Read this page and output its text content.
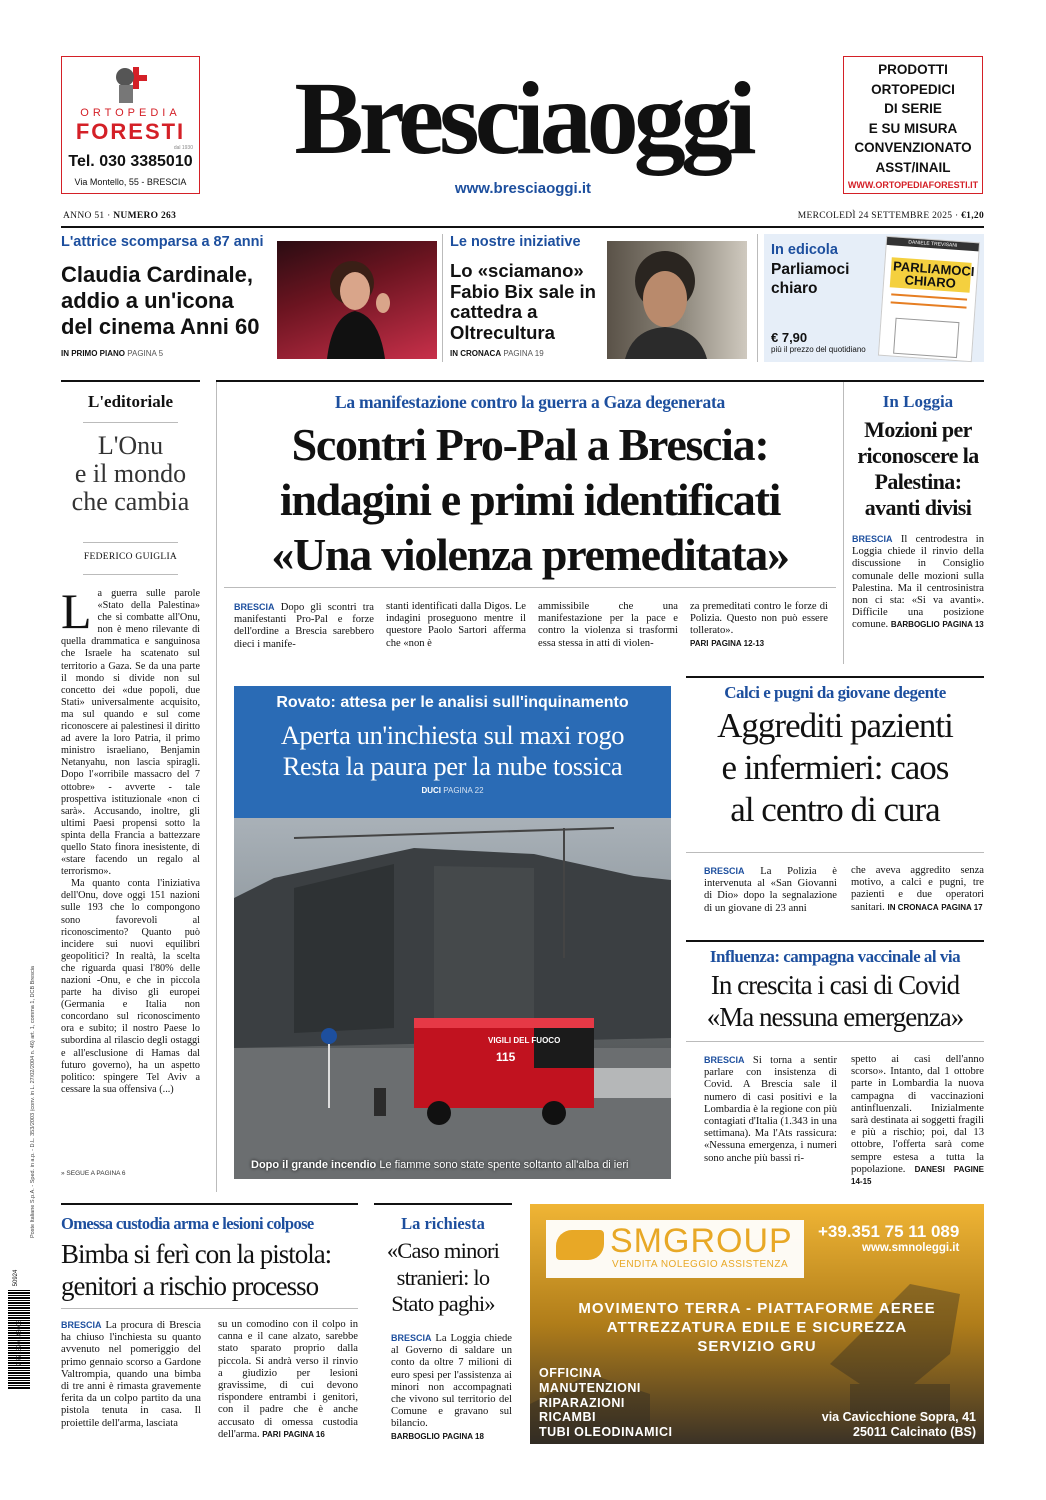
ORTOPEDIA
FORESTI
dal 1930
Tel. 030 3385010
Via Montello, 55 - BRESCIA
Bresciaoggi
www.bresciaoggi.it
PRODOTTI
ORTOPEDICI
DI SERIE
E SU MISURA
CONVENZIONATO
ASST/INAIL
WWW.ORTOPEDIAFORESTI.IT
ANNO 51 · NUMERO 263	MERCOLEDÌ 24 SETTEMBRE 2025 · €1,20
L'attrice scomparsa a 87 anni
Claudia Cardinale, addio a un'icona del cinema Anni 60
IN PRIMO PIANO PAGINA 5
Le nostre iniziative
Lo «sciamano» Fabio Bix sale in cattedra a Oltrecultura
IN CRONACA PAGINA 19
In edicola
Parliamoci chiaro
€ 7,90
più il prezzo del quotidiano
DANIELE TREVISANI
PARLIAMOCI CHIARO
L'editoriale
L'Onu
e il mondo
che cambia
FEDERICO GUIGLIA
La guerra sulle parole «Stato della Palestina» che si combatte all'Onu, non è meno rilevante di quella drammatica e sanguinosa che Israele ha scatenato sul territorio a Gaza. Se da una parte il mondo si divide non sul concetto dei «due popoli, due Stati» universalmente acquisito, ma sul quando e sul come riconoscere ai palestinesi il diritto ad avere la loro Patria, il primo ministro israeliano, Benjamin Netanyahu, non lascia spiragli. Dopo l'«orribile massacro del 7 ottobre» - avverte - tale prospettiva istituzionale «non ci sarà». Accusando, inoltre, gli ultimi Paesi propensi sotto la spinta della Francia a battezzare quello Stato finora inesistente, di «stare facendo un regalo al terrorismo».
Ma quanto conta l'iniziativa dell'Onu, dove oggi 151 nazioni sulle 193 che lo compongono sono favorevoli al riconoscimento? Quanto può incidere sui nuovi equilibri geopolitici? In realtà, la scelta che riguarda quasi l'80% delle nazioni -Onu, e che in piccola parte ha diviso gli europei (Germania e Italia non concordano sul riconoscimento ora e subito; il nostro Paese lo subordina al rilascio degli ostaggi e all'esclusione di Hamas dal futuro governo), ha un aspetto politico: spingere Tel Aviv a cessare la sua offensiva (...)
» SEGUE A PAGINA 6
La manifestazione contro la guerra a Gaza degenerata
Scontri Pro-Pal a Brescia:
indagini e primi identificati
«Una violenza premeditata»
BRESCIA Dopo gli scontri tra manifestanti Pro-Pal e forze dell'ordine a Brescia sarebbero dieci i manife-
stanti identificati dalla Digos. Le indagini proseguono mentre il questore Paolo Sartori afferma che «non è
ammissibile che una manifestazione per la pace e contro la violenza si trasformi essa stessa in atti di violen-
za premeditati contro le forze di Polizia. Questo non può essere tollerato».
PARI PAGINA 12-13
In Loggia
Mozioni per riconoscere la Palestina: avanti divisi
BRESCIA Il centrodestra in Loggia chiede il rinvio della discussione in Consiglio comunale delle mozioni sulla Palestina. Ma il centrosinistra non ci sta: «Si va avanti». Difficile una posizione comune. BARBOGLIO PAGINA 13
Rovato: attesa per le analisi sull'inquinamento
Aperta un'inchiesta sul maxi rogo
Resta la paura per la nube tossica
DUCI PAGINA 22
VIGILI DEL FUOCO
115
Dopo il grande incendio Le fiamme sono state spente soltanto all'alba di ieri
Calci e pugni da giovane degente
Aggrediti pazienti
e infermieri: caos
al centro di cura
BRESCIA La Polizia è intervenuta al «San Giovanni di Dio» dopo la segnalazione di un giovane di 23 anni
che aveva aggredito senza motivo, a calci e pugni, tre pazienti e due operatori sanitari. IN CRONACA PAGINA 17
Influenza: campagna vaccinale al via
In crescita i casi di Covid
«Ma nessuna emergenza»
BRESCIA Si torna a sentir parlare con insistenza di Covid. A Brescia sale il numero di casi positivi e la Lombardia è la regione con più contagiati d'Italia (1.343 in una settimana). Ma l'Ats rassicura: «Nessuna emergenza, i numeri sono anche più bassi ri-
spetto ai casi dell'anno scorso». Intanto, dal 1 ottobre parte in Lombardia la nuova campagna di vaccinazioni antinfluenzali. Inizialmente sarà destinata ai soggetti fragili e più a rischio; poi, dal 13 ottobre, l'offerta sarà come sempre estesa a tutta la popolazione. DANESI PAGINE 14-15
Omessa custodia arma e lesioni colpose
Bimba si ferì con la pistola:
genitori a rischio processo
BRESCIA La procura di Brescia ha chiuso l'inchiesta su quanto avvenuto nel pomeriggio del primo gennaio scorso a Gardone Valtrompia, quando una bimba di tre anni è rimasta gravemente ferita da un colpo partito da una pistola tenuta in casa. Il proiettile dell'arma, lasciata
su un comodino con il colpo in canna e il cane alzato, sarebbe stato sparato proprio dalla piccola. Si andrà verso il rinvio a giudizio per lesioni gravissime, di cui devono rispondere entrambi i genitori, con il padre che è anche accusato di omessa custodia dell'arma. PARI PAGINA 16
La richiesta
«Caso minori
stranieri: lo
Stato paghi»
BRESCIA La Loggia chiede al Governo di saldare un conto da oltre 7 milioni di euro spesi per l'assistenza ai minori non accompagnati che vivono sul territorio del Comune e gravano sul bilancio.
BARBOGLIO PAGINA 18
SMGROUP
VENDITA NOLEGGIO ASSISTENZA
+39.351 75 11 089
www.smnoleggi.it
MOVIMENTO TERRA - PIATTAFORME AEREE
ATTREZZATURA EDILE E SICUREZZA
SERVIZIO GRU
OFFICINA
MANUTENZIONI
RIPARAZIONI
RICAMBI
TUBI OLEODINAMICI
via Cavicchione Sopra, 41
25011 Calcinato (BS)
Poste Italiane S.p.A. - Sped. in a.p. - D.L. 353/2003 (conv. in L. 27/02/2004 n. 46) art. 1, comma 1, DCB Brescia
9 771590 148008
50924
